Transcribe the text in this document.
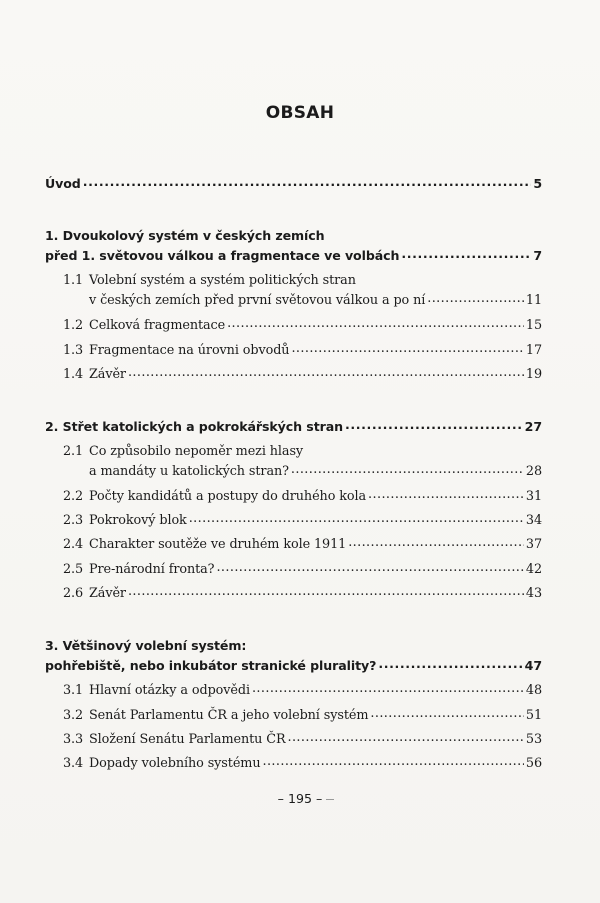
OBSAH
Úvod .....	5
1. Dvoukolový systém v českých zemích
před 1. světovou válkou a fragmentace ve volbách .....	7
1.1 Volební systém a systém politických stran
v českých zemích před první světovou válkou a po ní .....	11
1.2 Celková fragmentace .....	15
1.3 Fragmentace na úrovni obvodů .....	17
1.4 Závěr .....	19
2. Střet katolických a pokrokářských stran .....	27
2.1 Co způsobilo nepoměr mezi hlasy
a mandáty u katolických stran? .....	28
2.2 Počty kandidátů a postupy do druhého kola .....	31
2.3 Pokrokový blok .....	34
2.4 Charakter soutěže ve druhém kole 1911 .....	37
2.5 Pre-národní fronta? .....	42
2.6 Závěr .....	43
3. Většinový volební systém:
pohřebiště, nebo inkubátor stranické plurality? .....	47
3.1 Hlavní otázky a odpovědi .....	48
3.2 Senát Parlamentu ČR a jeho volební systém .....	51
3.3 Složení Senátu Parlamentu ČR .....	53
3.4 Dopady volebního systému .....	56
– 195 –
